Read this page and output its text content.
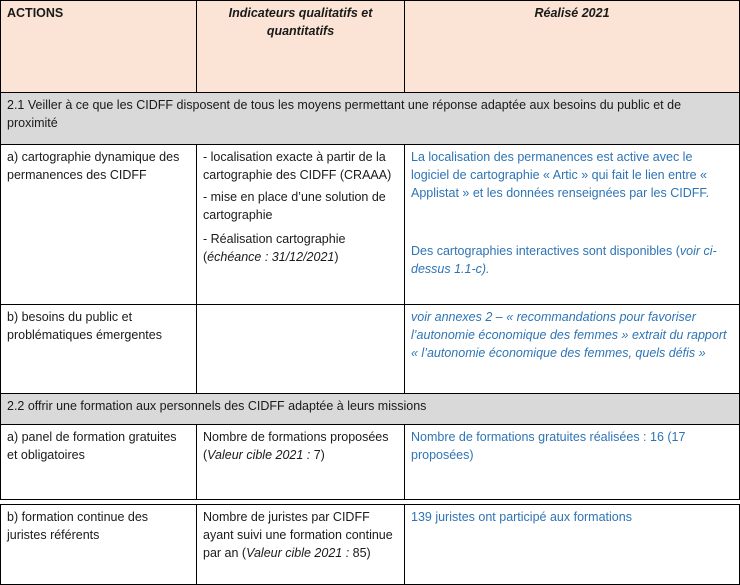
ACTIONS	Indicateurs qualitatifs et quantitatifs
Réalisé 2021
2.1 Veiller à ce que les CIDFF disposent de tous les moyens permettant une réponse adaptée aux besoins du public et de proximité
a) cartographie dynamique des permanences des CIDFF

- localisation exacte à partir de la cartographie des CIDFF (CRAAA)

- mise en place d’une solution de cartographie

- Réalisation cartographie (échéance : 31/12/2021)

La localisation des permanences est active avec le logiciel de cartographie « Artic » qui fait le lien entre « Applistat » et les données renseignées par les CIDFF.

Des cartographies interactives sont disponibles (voir ci-dessus 1.1-c).

b) besoins du public et problématiques émergentes
voir annexes 2 – « recommandations pour favoriser l’autonomie économique des femmes » extrait du rapport « l’autonomie économique des femmes, quels défis »
2.2 offrir une formation aux personnels des CIDFF adaptée à leurs missions
a) panel de formation gratuites et obligatoires
Nombre de formations proposées (Valeur cible 2021 : 7)
Nombre de formations gratuites réalisées : 16 (17 proposées)
b) formation continue des juristes référents
Nombre de juristes par CIDFF ayant suivi une formation continue par an (Valeur cible 2021 : 85)
139 juristes ont participé aux formations
